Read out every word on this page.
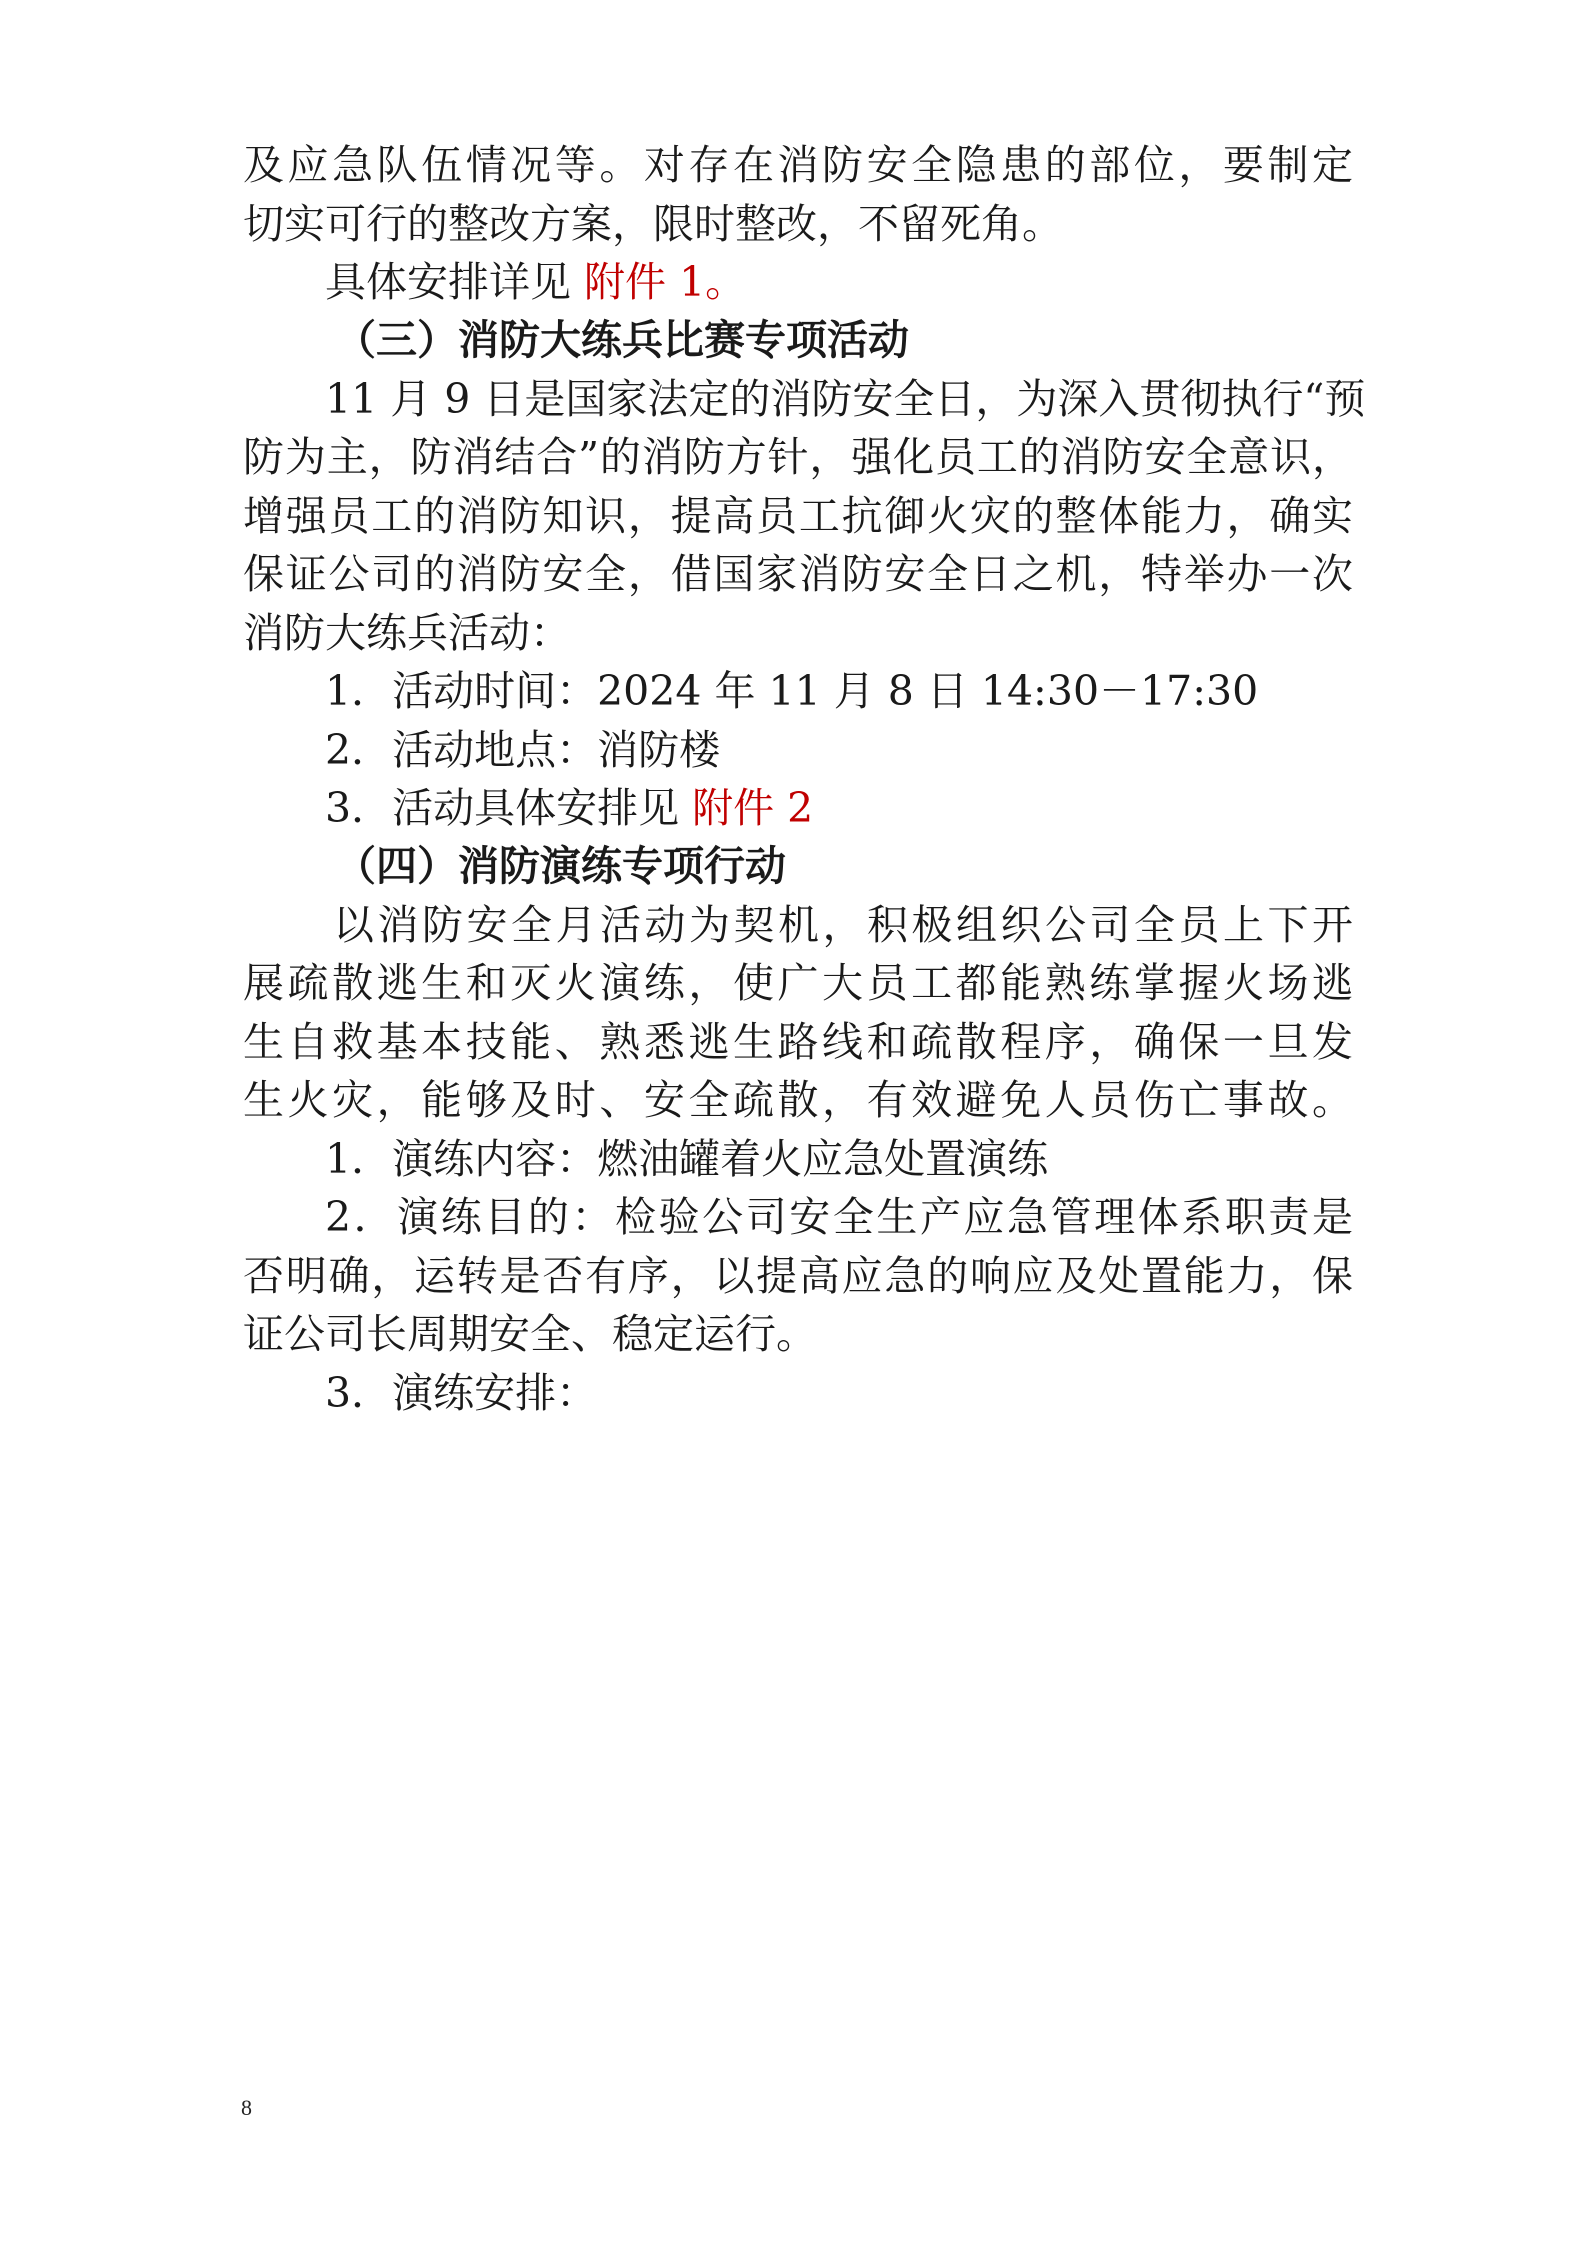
及应急队伍情况等。对存在消防安全隐患的部位，要制定
切实可行的整改方案，限时整改，不留死角。
具体安排详见 附件 1。
（三）消防大练兵比赛专项活动
11 月 9 日是国家法定的消防安全日，为深入贯彻执行“预
防为主，防消结合”的消防方针，强化员工的消防安全意识，
增强员工的消防知识，提高员工抗御火灾的整体能力，确实
保证公司的消防安全，借国家消防安全日之机，特举办一次
消防大练兵活动：
1．活动时间：2024 年 11 月 8 日 14:30－17:30
2．活动地点：消防楼
3．活动具体安排见 附件 2
（四）消防演练专项行动
以消防安全月活动为契机，积极组织公司全员上下开
展疏散逃生和灭火演练，使广大员工都能熟练掌握火场逃
生自救基本技能、熟悉逃生路线和疏散程序，确保一旦发
生火灾，能够及时、安全疏散，有效避免人员伤亡事故。
1．演练内容：燃油罐着火应急处置演练
2．演练目的：检验公司安全生产应急管理体系职责是
否明确，运转是否有序，以提高应急的响应及处置能力，保
证公司长周期安全、稳定运行。
3．演练安排：
8
